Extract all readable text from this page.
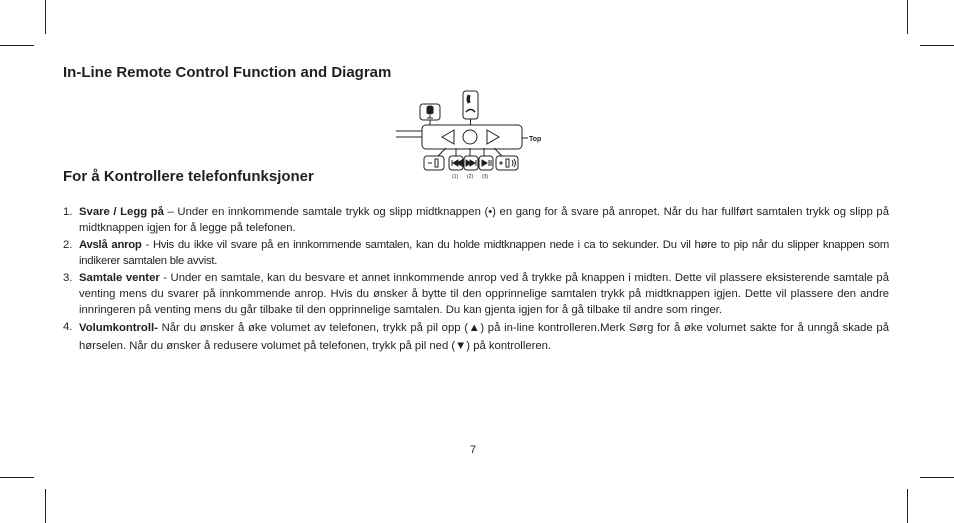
In-Line Remote Control Function and Diagram
For å Kontrollere telefonfunksjoner
Top
(1) (2) (3)
1. Svare / Legg på – Under en innkommende samtale trykk og slipp midtknappen (•) en gang for å svare på anropet. Når du har fullført samtalen trykk og slipp på midtknappen igjen for å legge på telefonen.
2. Avslå anrop - Hvis du ikke vil svare på en innkommende samtalen, kan du holde midtknappen nede i ca to sekunder. Du vil høre to pip når du slipper knappen som indikerer samtalen ble avvist.
3. Samtale venter - Under en samtale, kan du besvare et annet innkommende anrop ved å trykke på knappen i midten. Dette vil plassere eksisterende samtale på venting mens du svarer på innkommende anrop. Hvis du ønsker å bytte til den opprinnelige samtalen trykk på midtknappen igjen. Dette vil plassere den andre innringeren på venting mens du går tilbake til den opprinnelige samtalen. Du kan gjenta igjen for å gå tilbake til andre som ringer.
4. Volumkontroll- Når du ønsker å øke volumet av telefonen, trykk på pil opp (▲) på in-line kontrolleren.Merk Sørg for å øke volumet sakte for å unngå skade på hørselen. Når du ønsker å redusere volumet på telefonen, trykk på pil ned (▼) på kontrolleren.
7
